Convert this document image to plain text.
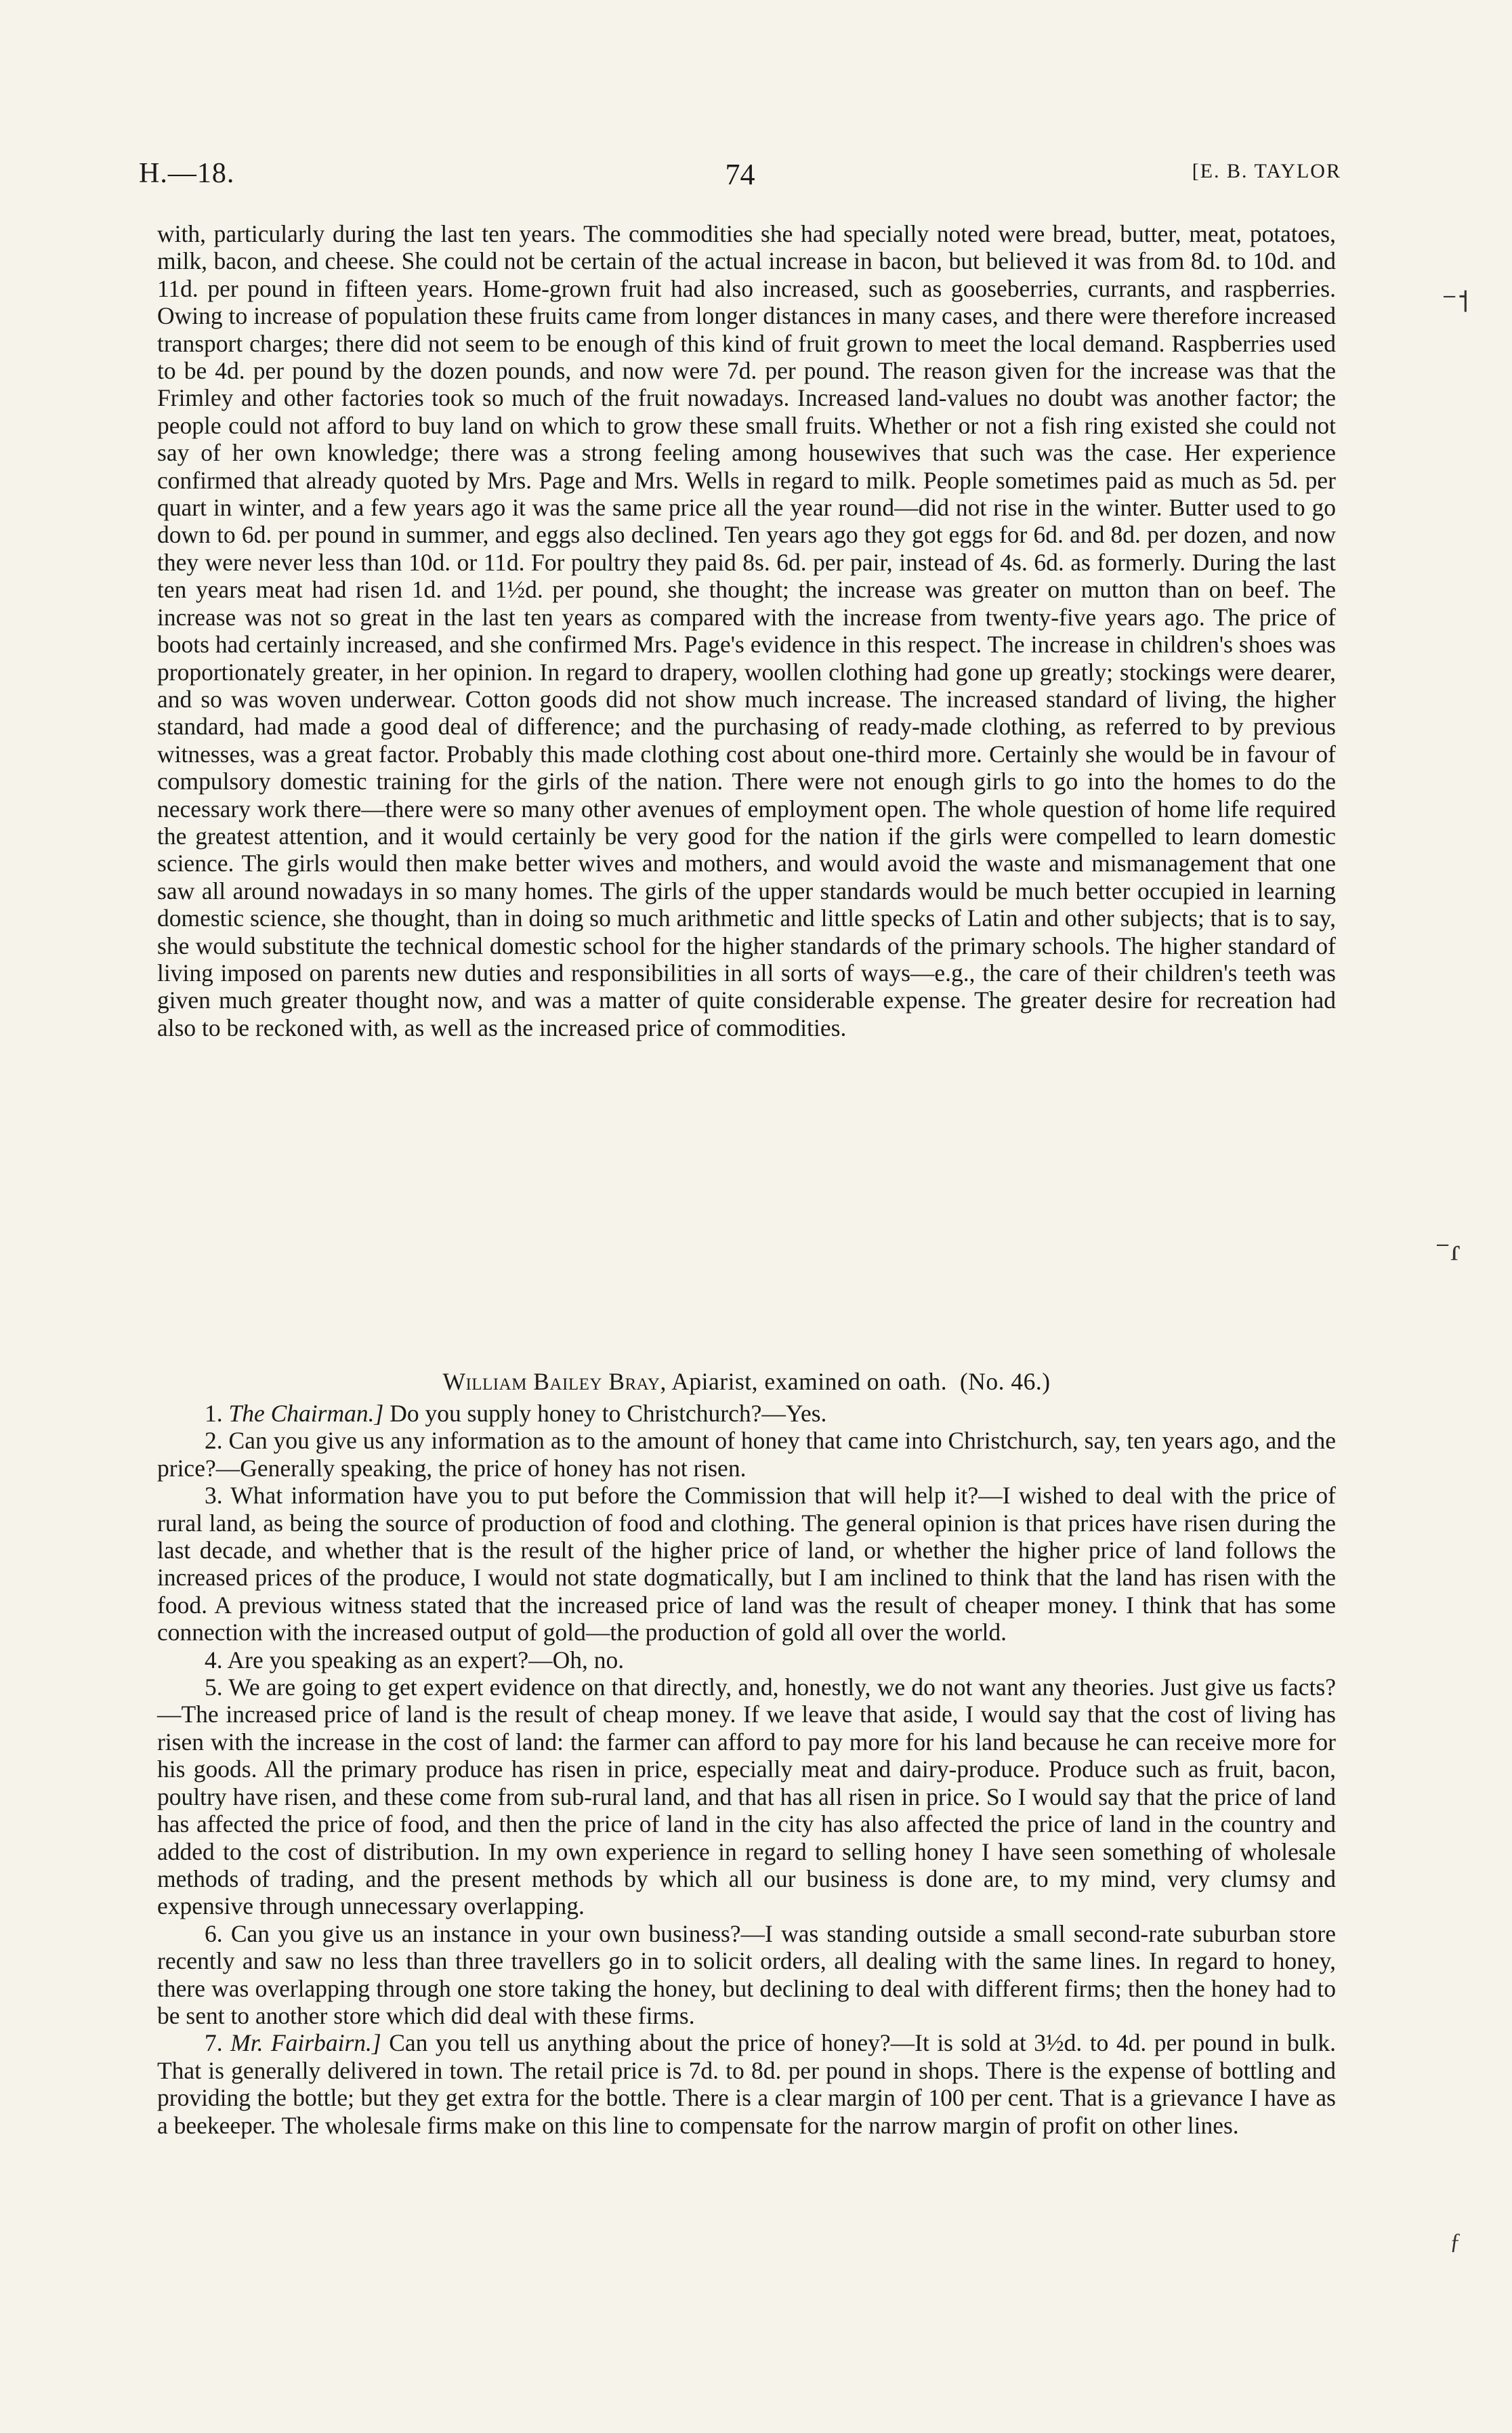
H.—18.	74	[E. B. TAYLOR

with, particularly during the last ten years. The commodities she had specially noted were bread, butter, meat, potatoes, milk, bacon, and cheese. She could not be certain of the actual increase in bacon, but believed it was from 8d. to 10d. and 11d. per pound in fifteen years. Home-grown fruit had also increased, such as gooseberries, currants, and raspberries. Owing to increase of population these fruits came from longer distances in many cases, and there were therefore increased transport charges; there did not seem to be enough of this kind of fruit grown to meet the local demand. Raspberries used to be 4d. per pound by the dozen pounds, and now were 7d. per pound. The reason given for the increase was that the Frimley and other factories took so much of the fruit nowadays. Increased land-values no doubt was another factor; the people could not afford to buy land on which to grow these small fruits. Whether or not a fish ring existed she could not say of her own knowledge; there was a strong feeling among housewives that such was the case. Her experience confirmed that already quoted by Mrs. Page and Mrs. Wells in regard to milk. People sometimes paid as much as 5d. per quart in winter, and a few years ago it was the same price all the year round—did not rise in the winter. Butter used to go down to 6d. per pound in summer, and eggs also declined. Ten years ago they got eggs for 6d. and 8d. per dozen, and now they were never less than 10d. or 11d. For poultry they paid 8s. 6d. per pair, instead of 4s. 6d. as formerly. During the last ten years meat had risen 1d. and 1½d. per pound, she thought; the increase was greater on mutton than on beef. The increase was not so great in the last ten years as compared with the increase from twenty-five years ago. The price of boots had certainly increased, and she confirmed Mrs. Page's evidence in this respect. The increase in children's shoes was proportionately greater, in her opinion. In regard to drapery, woollen clothing had gone up greatly; stockings were dearer, and so was woven underwear. Cotton goods did not show much increase. The increased standard of living, the higher standard, had made a good deal of difference; and the purchasing of ready-made clothing, as referred to by previous witnesses, was a great factor. Probably this made clothing cost about one-third more. Certainly she would be in favour of compulsory domestic training for the girls of the nation. There were not enough girls to go into the homes to do the necessary work there—there were so many other avenues of employment open. The whole question of home life required the greatest attention, and it would certainly be very good for the nation if the girls were compelled to learn domestic science. The girls would then make better wives and mothers, and would avoid the waste and mismanagement that one saw all around nowadays in so many homes. The girls of the upper standards would be much better occupied in learning domestic science, she thought, than in doing so much arithmetic and little specks of Latin and other subjects; that is to say, she would substitute the technical domestic school for the higher standards of the primary schools. The higher standard of living imposed on parents new duties and responsibilities in all sorts of ways—e.g., the care of their children's teeth was given much greater thought now, and was a matter of quite considerable expense. The greater desire for recreation had also to be reckoned with, as well as the increased price of commodities.

William Bailey Bray, Apiarist, examined on oath. (No. 46.)

1. The Chairman.] Do you supply honey to Christchurch?—Yes.

2. Can you give us any information as to the amount of honey that came into Christchurch, say, ten years ago, and the price?—Generally speaking, the price of honey has not risen.

3. What information have you to put before the Commission that will help it?—I wished to deal with the price of rural land, as being the source of production of food and clothing. The general opinion is that prices have risen during the last decade, and whether that is the result of the higher price of land, or whether the higher price of land follows the increased prices of the produce, I would not state dogmatically, but I am inclined to think that the land has risen with the food. A previous witness stated that the increased price of land was the result of cheaper money. I think that has some connection with the increased output of gold—the production of gold all over the world.

4. Are you speaking as an expert?—Oh, no.

5. We are going to get expert evidence on that directly, and, honestly, we do not want any theories. Just give us facts?—The increased price of land is the result of cheap money. If we leave that aside, I would say that the cost of living has risen with the increase in the cost of land: the farmer can afford to pay more for his land because he can receive more for his goods. All the primary produce has risen in price, especially meat and dairy-produce. Produce such as fruit, bacon, poultry have risen, and these come from sub-rural land, and that has all risen in price. So I would say that the price of land has affected the price of food, and then the price of land in the city has also affected the price of land in the country and added to the cost of distribution. In my own experience in regard to selling honey I have seen something of wholesale methods of trading, and the present methods by which all our business is done are, to my mind, very clumsy and expensive through unnecessary overlapping.

6. Can you give us an instance in your own business?—I was standing outside a small second-rate suburban store recently and saw no less than three travellers go in to solicit orders, all dealing with the same lines. In regard to honey, there was overlapping through one store taking the honey, but declining to deal with different firms; then the honey had to be sent to another store which did deal with these firms.

7. Mr. Fairbairn.] Can you tell us anything about the price of honey?—It is sold at 3½d. to 4d. per pound in bulk. That is generally delivered in town. The retail price is 7d. to 8d. per pound in shops. There is the expense of bottling and providing the bottle; but they get extra for the bottle. There is a clear margin of 100 per cent. That is a grievance I have as a beekeeper. The wholesale firms make on this line to compensate for the narrow margin of profit on other lines.

⁻˦
⁻ɾ
ƒ
